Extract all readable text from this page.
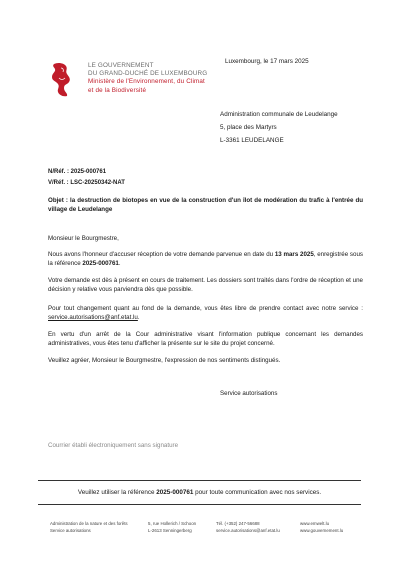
LE GOUVERNEMENT
DU GRAND-DUCHÉ DE LUXEMBOURG
Ministère de l'Environnement, du Climat
et de la Biodiversité
Luxembourg, le 17 mars 2025
Administration communale de Leudelange
5, place des Martyrs
L-3361 LEUDELANGE
N/Réf. : 2025-000761
V/Réf. : LSC-20250342-NAT
Objet : la destruction de biotopes en vue de la construction d'un îlot de modération du trafic à l'entrée du village de Leudelange
Monsieur le Bourgmestre,
Nous avons l'honneur d'accuser réception de votre demande parvenue en date du 13 mars 2025, enregistrée sous la référence 2025-000761.
Votre demande est dès à présent en cours de traitement. Les dossiers sont traités dans l'ordre de réception et une décision y relative vous parviendra dès que possible.
Pour tout changement quant au fond de la demande, vous êtes libre de prendre contact avec notre service : service.autorisations@anf.etat.lu.
En vertu d'un arrêt de la Cour administrative visant l'information publique concernant les demandes administratives, vous êtes tenu d'afficher la présente sur le site du projet concerné.
Veuillez agréer, Monsieur le Bourgmestre, l'expression de nos sentiments distingués.
Service autorisations
Courrier établi électroniquement sans signature
Veuillez utiliser la référence 2025-000761 pour toute communication avec nos services.
Administration de la nature et des forêts
Service autorisations
5, rue Hollerich / Schoon
L-2613 Senningerberg
Tél. (+352) 247-56688
service.autorisations@anf.etat.lu
www.emwelt.lu
www.gouvernement.lu
